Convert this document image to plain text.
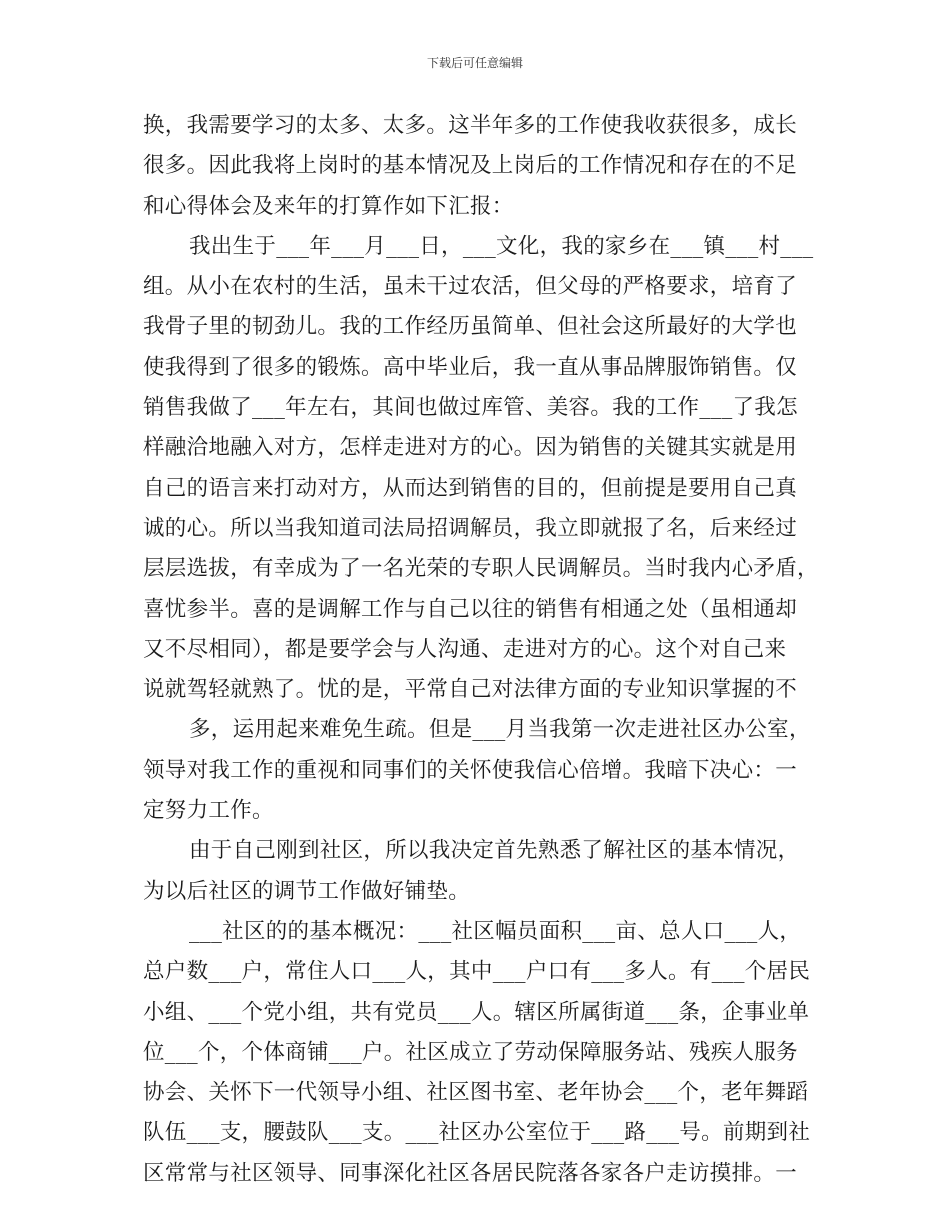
下载后可任意编辑
换，我需要学习的太多、太多。这半年多的工作使我收获很多，成长
很多。因此我将上岗时的基本情况及上岗后的工作情况和存在的不足
和心得体会及来年的打算作如下汇报：
我出生于___年___月___日，___文化，我的家乡在___镇___村___
组。从小在农村的生活，虽未干过农活，但父母的严格要求，培育了
我骨子里的韧劲儿。我的工作经历虽简单、但社会这所最好的大学也
使我得到了很多的锻炼。高中毕业后，我一直从事品牌服饰销售。仅
销售我做了___年左右，其间也做过库管、美容。我的工作___了我怎
样融洽地融入对方，怎样走进对方的心。因为销售的关键其实就是用
自己的语言来打动对方，从而达到销售的目的，但前提是要用自己真
诚的心。所以当我知道司法局招调解员，我立即就报了名，后来经过
层层选拔，有幸成为了一名光荣的专职人民调解员。当时我内心矛盾，
喜忧参半。喜的是调解工作与自己以往的销售有相通之处（虽相通却
又不尽相同），都是要学会与人沟通、走进对方的心。这个对自己来
说就驾轻就熟了。忧的是，平常自己对法律方面的专业知识掌握的不
多，运用起来难免生疏。但是___月当我第一次走进社区办公室，
领导对我工作的重视和同事们的关怀使我信心倍增。我暗下决心：一
定努力工作。
由于自己刚到社区，所以我决定首先熟悉了解社区的基本情况，
为以后社区的调节工作做好铺垫。
___社区的的基本概况：___社区幅员面积___亩、总人口___人，
总户数___户，常住人口___人，其中___户口有___多人。有___个居民
小组、___个党小组，共有党员___人。辖区所属街道___条，企事业单
位___个，个体商铺___户。社区成立了劳动保障服务站、残疾人服务
协会、关怀下一代领导小组、社区图书室、老年协会___个，老年舞蹈
队伍___支，腰鼓队___支。___社区办公室位于___路___号。前期到社
区常常与社区领导、同事深化社区各居民院落各家各户走访摸排。一
